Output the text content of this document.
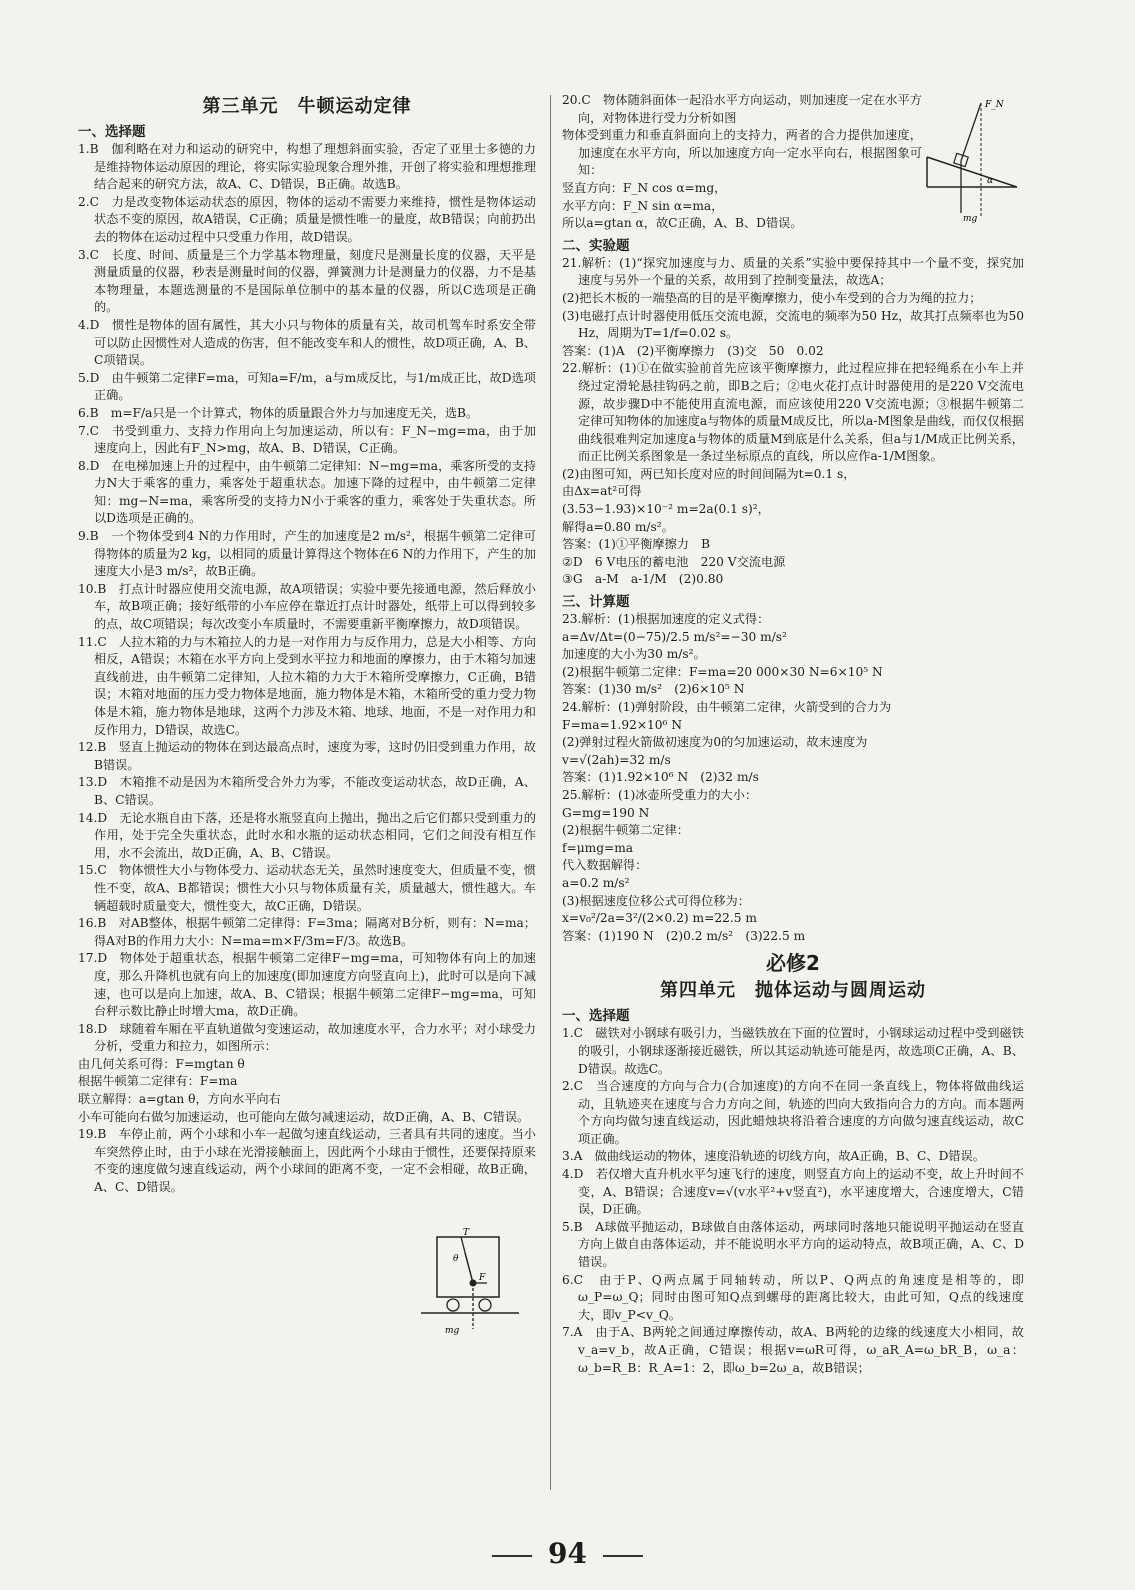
第三单元　牛顿运动定律
一、选择题

1.B　伽利略在对力和运动的研究中，构想了理想斜面实验，否定了亚里士多德的力是维持物体运动原因的理论，将实际实验现象合理外推，开创了将实验和理想推理结合起来的研究方法，故A、C、D错误，B正确。故选B。

2.C　力是改变物体运动状态的原因，物体的运动不需要力来维持，惯性是物体运动状态不变的原因，故A错误，C正确；质量是惯性唯一的量度，故B错误；向前扔出去的物体在运动过程中只受重力作用，故D错误。

3.C　长度、时间、质量是三个力学基本物理量，刻度尺是测量长度的仪器，天平是测量质量的仪器，秒表是测量时间的仪器，弹簧测力计是测量力的仪器，力不是基本物理量，本题选测量的不是国际单位制中的基本量的仪器，所以C选项是正确的。

4.D　惯性是物体的固有属性，其大小只与物体的质量有关，故司机驾车时系安全带可以防止因惯性对人造成的伤害，但不能改变车和人的惯性，故D项正确，A、B、C项错误。

5.D　由牛顿第二定律F=ma，可知a=F/m，a与m成反比，与1/m成正比，故D选项正确。

6.B　m=F/a只是一个计算式，物体的质量跟合外力与加速度无关，选B。

7.C　书受到重力、支持力作用向上匀加速运动，所以有：F_N−mg=ma，由于加速度向上，因此有F_N>mg，故A、B、D错误，C正确。

8.D　在电梯加速上升的过程中，由牛顿第二定律知：N−mg=ma，乘客所受的支持力N大于乘客的重力，乘客处于超重状态。加速下降的过程中，由牛顿第二定律知：mg−N=ma，乘客所受的支持力N小于乘客的重力，乘客处于失重状态。所以D选项是正确的。

9.B　一个物体受到4 N的力作用时，产生的加速度是2 m/s²，根据牛顿第二定律可得物体的质量为2 kg，以相同的质量计算得这个物体在6 N的力作用下，产生的加速度大小是3 m/s²，故B正确。

10.B　打点计时器应使用交流电源，故A项错误；实验中要先接通电源，然后释放小车，故B项正确；接好纸带的小车应停在靠近打点计时器处，纸带上可以得到较多的点，故C项错误；每次改变小车质量时，不需要重新平衡摩擦力，故D项错误。

11.C　人拉木箱的力与木箱拉人的力是一对作用力与反作用力，总是大小相等、方向相反，A错误；木箱在水平方向上受到水平拉力和地面的摩擦力，由于木箱匀加速直线前进，由牛顿第二定律知，人拉木箱的力大于木箱所受摩擦力，C正确，B错误；木箱对地面的压力受力物体是地面，施力物体是木箱，木箱所受的重力受力物体是木箱，施力物体是地球，这两个力涉及木箱、地球、地面，不是一对作用力和反作用力，D错误，故选C。

12.B　竖直上抛运动的物体在到达最高点时，速度为零，这时仍旧受到重力作用，故B错误。

13.D　木箱推不动是因为木箱所受合外力为零，不能改变运动状态，故D正确，A、B、C错误。

14.D　无论水瓶自由下落，还是将水瓶竖直向上抛出，抛出之后它们都只受到重力的作用，处于完全失重状态，此时水和水瓶的运动状态相同，它们之间没有相互作用，水不会流出，故D正确，A、B、C错误。

15.C　物体惯性大小与物体受力、运动状态无关，虽然时速度变大，但质量不变，惯性不变，故A、B都错误；惯性大小只与物体质量有关，质量越大，惯性越大。车辆超载时质量变大，惯性变大，故C正确，D错误。

16.B　对AB整体，根据牛顿第二定律得：F=3ma；隔离对B分析，则有：N=ma；得A对B的作用力大小：N=ma=m×F/3m=F/3。故选B。

17.D　物体处于超重状态，根据牛顿第二定律F−mg=ma，可知物体有向上的加速度，那么升降机也就有向上的加速度(即加速度方向竖直向上)，此时可以是向下减速，也可以是向上加速，故A、B、C错误；根据牛顿第二定律F−mg=ma，可知台秤示数比静止时增大ma，故D正确。

18.D　球随着车厢在平直轨道做匀变速运动，故加速度水平，合力水平；对小球受力分析，受重力和拉力，如图所示：

由几何关系可得：F=mgtan θ

根据牛顿第二定律有：F=ma

联立解得：a=gtan θ，方向水平向右

小车可能向右做匀加速运动，也可能向左做匀减速运动，故D正确，A、B、C错误。

19.B　车停止前，两个小球和小车一起做匀速直线运动，三者具有共同的速度。当小车突然停止时，由于小球在光滑接触面上，因此两个小球由于惯性，还要保持原来不变的速度做匀速直线运动，两个小球间的距离不变，一定不会相碰，故B正确，A、C、D错误。

T
θ
F
mg

20.C　物体随斜面体一起沿水平方向运动，则加速度一定在水平方向，对物体进行受力分析如图

物体受到重力和垂直斜面向上的支持力，两者的合力提供加速度，加速度在水平方向，所以加速度方向一定水平向右，根据图象可知：

竖直方向：F_N cos α=mg，

水平方向：F_N sin α=ma，

所以a=gtan α，故C正确，A、B、D错误。

二、实验题

21.解析：(1)“探究加速度与力、质量的关系”实验中要保持其中一个量不变，探究加速度与另外一个量的关系，故用到了控制变量法，故选A；

(2)把长木板的一端垫高的目的是平衡摩擦力，使小车受到的合力为绳的拉力；

(3)电磁打点计时器使用低压交流电源，交流电的频率为50 Hz，故其打点频率也为50 Hz，周期为T=1/f=0.02 s。

答案：(1)A　(2)平衡摩擦力　(3)交　50　0.02

22.解析：(1)①在做实验前首先应该平衡摩擦力，此过程应排在把轻绳系在小车上并绕过定滑轮悬挂钩码之前，即B之后；②电火花打点计时器使用的是220 V交流电源，故步骤D中不能使用直流电源，而应该使用220 V交流电源；③根据牛顿第二定律可知物体的加速度a与物体的质量M成反比，所以a-M图象是曲线，而仅仅根据曲线很难判定加速度a与物体的质量M到底是什么关系，但a与1/M成正比例关系，而正比例关系图象是一条过坐标原点的直线，所以应作a-1/M图象。

(2)由图可知，两已知长度对应的时间间隔为t=0.1 s，

由Δx=at²可得

(3.53−1.93)×10⁻² m=2a(0.1 s)²，

解得a=0.80 m/s²。

答案：(1)①平衡摩擦力　B

②D　6 V电压的蓄电池　220 V交流电源

③G　a-M　a-1/M　(2)0.80

三、计算题

23.解析：(1)根据加速度的定义式得：

a=Δv/Δt=(0−75)/2.5 m/s²=−30 m/s²

加速度的大小为30 m/s²。

(2)根据牛顿第二定律：F=ma=20 000×30 N=6×10⁵ N

答案：(1)30 m/s²　(2)6×10⁵ N

24.解析：(1)弹射阶段，由牛顿第二定律，火箭受到的合力为

F=ma=1.92×10⁶ N

(2)弹射过程火箭做初速度为0的匀加速运动，故末速度为

v=√(2ah)=32 m/s

答案：(1)1.92×10⁶ N　(2)32 m/s

25.解析：(1)冰壶所受重力的大小：

G=mg=190 N

(2)根据牛顿第二定律：

f=μmg=ma

代入数据解得：

a=0.2 m/s²

(3)根据速度位移公式可得位移为：

x=v₀²/2a=3²/(2×0.2) m=22.5 m

答案：(1)190 N　(2)0.2 m/s²　(3)22.5 m

必修2
第四单元　抛体运动与圆周运动
一、选择题

1.C　磁铁对小钢球有吸引力，当磁铁放在下面的位置时，小钢球运动过程中受到磁铁的吸引，小钢球逐渐接近磁铁，所以其运动轨迹可能是丙，故选项C正确，A、B、D错误。故选C。

2.C　当合速度的方向与合力(合加速度)的方向不在同一条直线上，物体将做曲线运动，且轨迹夹在速度与合力方向之间，轨迹的凹向大致指向合力的方向。而本题两个方向均做匀速直线运动，因此蜡烛块将沿着合速度的方向做匀速直线运动，故C项正确。

3.A　做曲线运动的物体，速度沿轨迹的切线方向，故A正确，B、C、D错误。

4.D　若仅增大直升机水平匀速飞行的速度，则竖直方向上的运动不变，故上升时间不变，A、B错误；合速度v=√(v水平²+v竖直²)，水平速度增大，合速度增大，C错误，D正确。

5.B　A球做平抛运动，B球做自由落体运动，两球同时落地只能说明平抛运动在竖直方向上做自由落体运动，并不能说明水平方向的运动特点，故B项正确，A、C、D错误。

6.C　由于P、Q两点属于同轴转动，所以P、Q两点的角速度是相等的，即ω_P=ω_Q；同时由图可知Q点到螺母的距离比较大，由此可知，Q点的线速度大，即v_P<v_Q。

7.A　由于A、B两轮之间通过摩擦传动，故A、B两轮的边缘的线速度大小相同，故v_a=v_b，故A正确，C错误；根据v=ωR可得，ω_aR_A=ω_bR_B，ω_a：ω_b=R_B：R_A=1：2，即ω_b=2ω_a，故B错误；

F_N
α
mg
94
